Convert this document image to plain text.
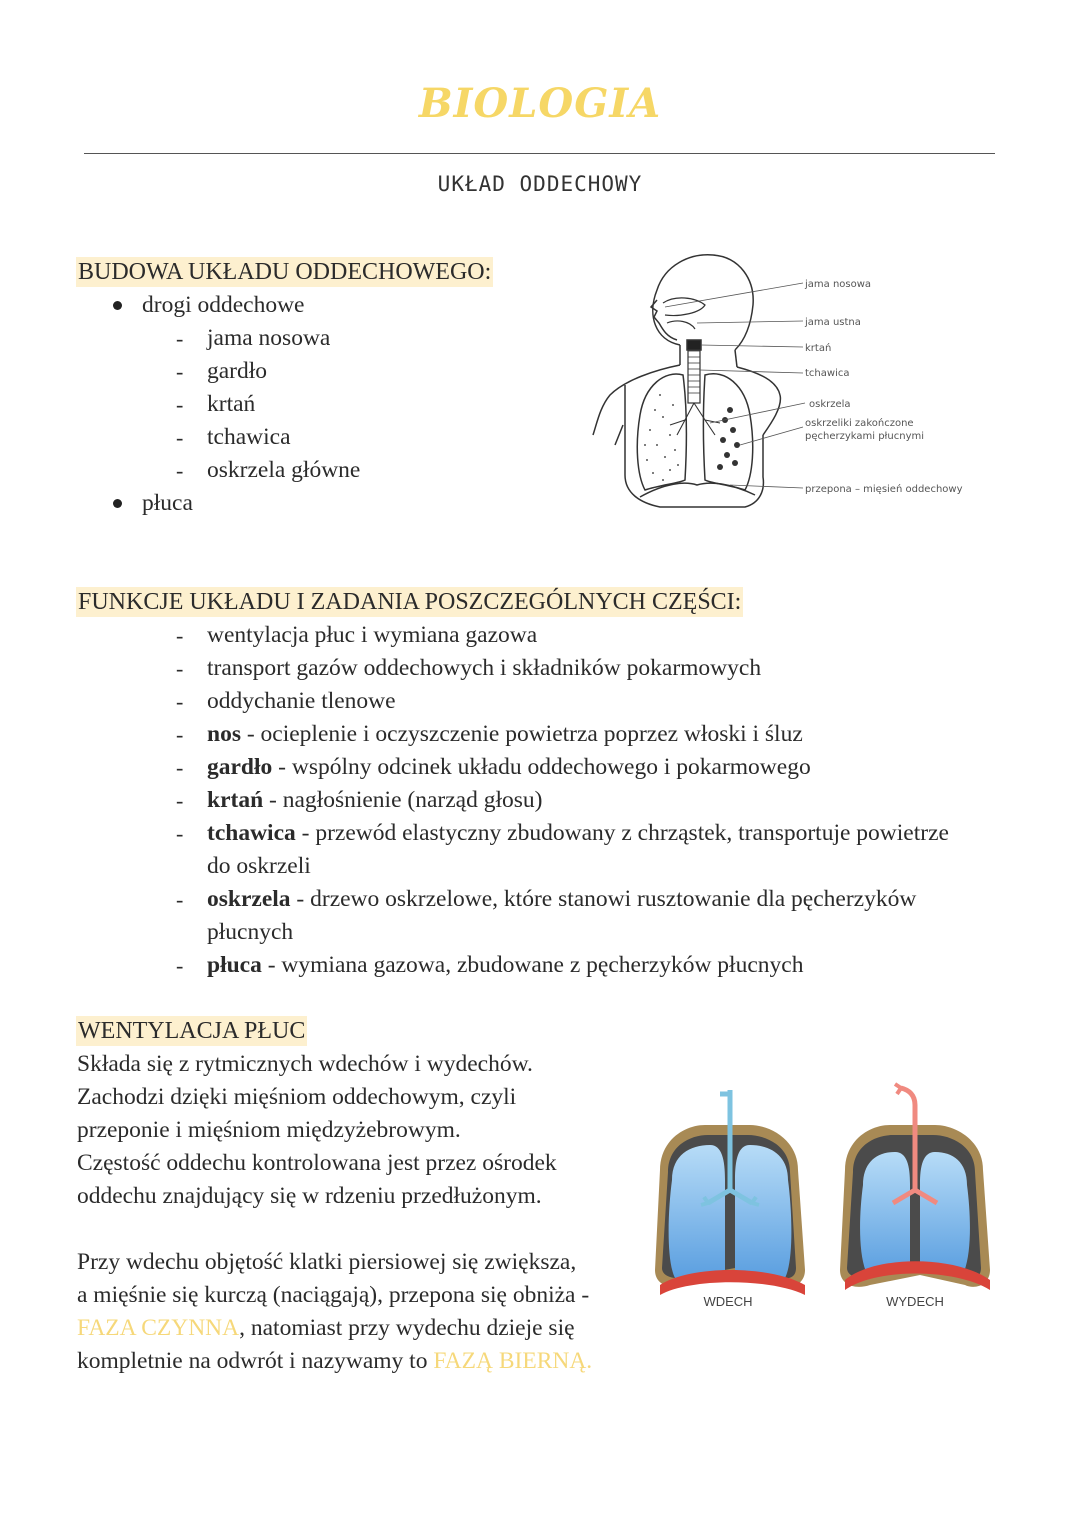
BIOLOGIA
UKŁAD ODDECHOWY
BUDOWA UKŁADU ODDECHOWEGO:
drogi oddechowe
- jama nosowa
- gardło
- krtań
- tchawica
- oskrzela główne
płuca
jama nosowa
jama ustna
krtań
tchawica
oskrzela
oskrzeliki zakończone
pęcherzykami płucnymi
przepona – mięsień oddechowy
FUNKCJE UKŁADU I ZADANIA POSZCZEGÓLNYCH CZĘŚCI:
- wentylacja płuc i wymiana gazowa
- transport gazów oddechowych i składników pokarmowych
- oddychanie tlenowe
- nos - ocieplenie i oczyszczenie powietrza poprzez włoski i śluz
- gardło - wspólny odcinek układu oddechowego i pokarmowego
- krtań - nagłośnienie (narząd głosu)
- tchawica - przewód elastyczny zbudowany z chrząstek, transportuje powietrze
do oskrzeli
- oskrzela - drzewo oskrzelowe, które stanowi rusztowanie dla pęcherzyków
płucnych
- płuca - wymiana gazowa, zbudowane z pęcherzyków płucnych
WENTYLACJA PŁUC
Składa się z rytmicznych wdechów i wydechów.
Zachodzi dzięki mięśniom oddechowym, czyli
przeponie i mięśniom międzyżebrowym.
Częstość oddechu kontrolowana jest przez ośrodek
oddechu znajdujący się w rdzeniu przedłużonym.
Przy wdechu objętość klatki piersiowej się zwiększa,
a mięśnie się kurczą (naciągają), przepona się obniża -
FAZA CZYNNA, natomiast przy wydechu dzieje się
kompletnie na odwrót i nazywamy to FAZĄ BIERNĄ.
WDECH	WYDECH
